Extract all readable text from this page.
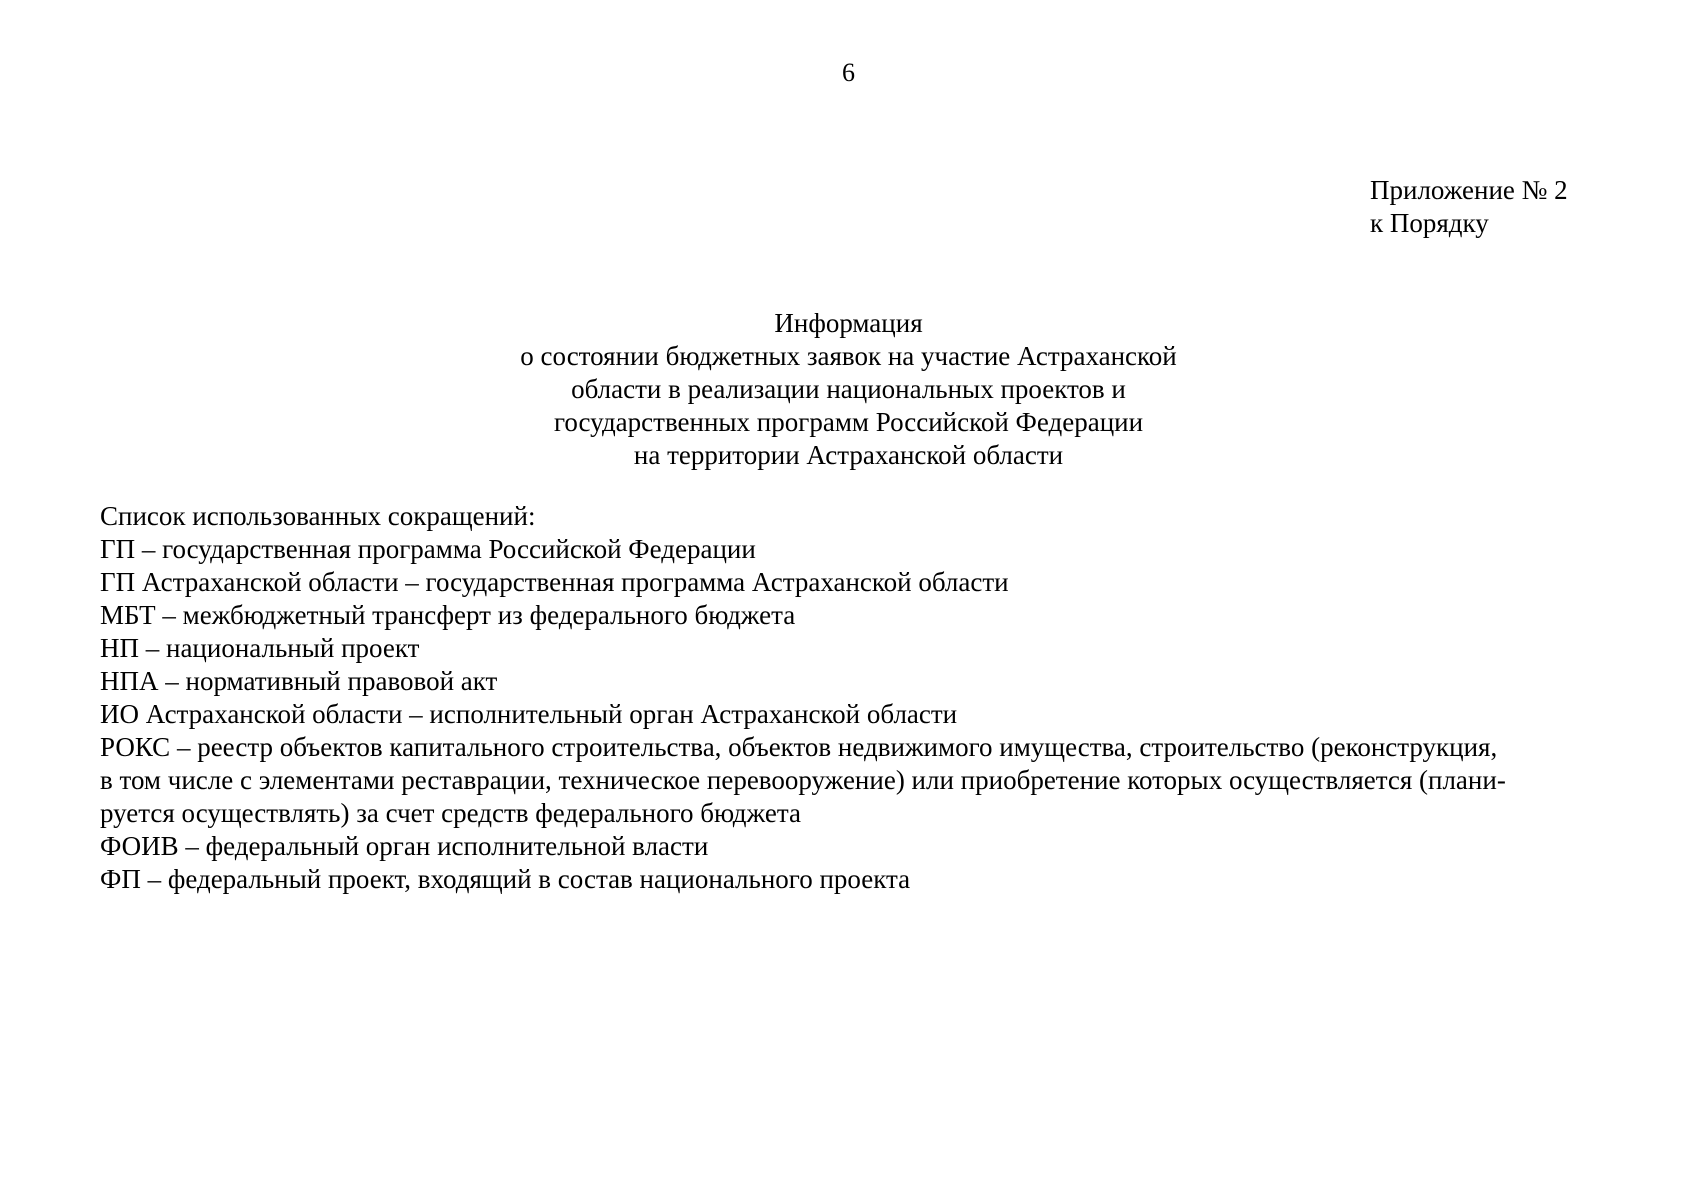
6
Приложение № 2
к Порядку
Информация
о состоянии бюджетных заявок на участие Астраханской
области в реализации национальных проектов и
государственных программ Российской Федерации
на территории Астраханской области
Список использованных сокращений:
ГП – государственная программа Российской Федерации
ГП Астраханской области – государственная программа Астраханской области
МБТ – межбюджетный трансферт из федерального бюджета
НП – национальный проект
НПА – нормативный правовой акт
ИО Астраханской области – исполнительный орган Астраханской области
РОКС – реестр объектов капитального строительства, объектов недвижимого имущества, строительство (реконструкция,
в том числе с элементами реставрации, техническое перевооружение) или приобретение которых осуществляется (плани-
руется осуществлять) за счет средств федерального бюджета
ФОИВ – федеральный орган исполнительной власти
ФП – федеральный проект, входящий в состав национального проекта
